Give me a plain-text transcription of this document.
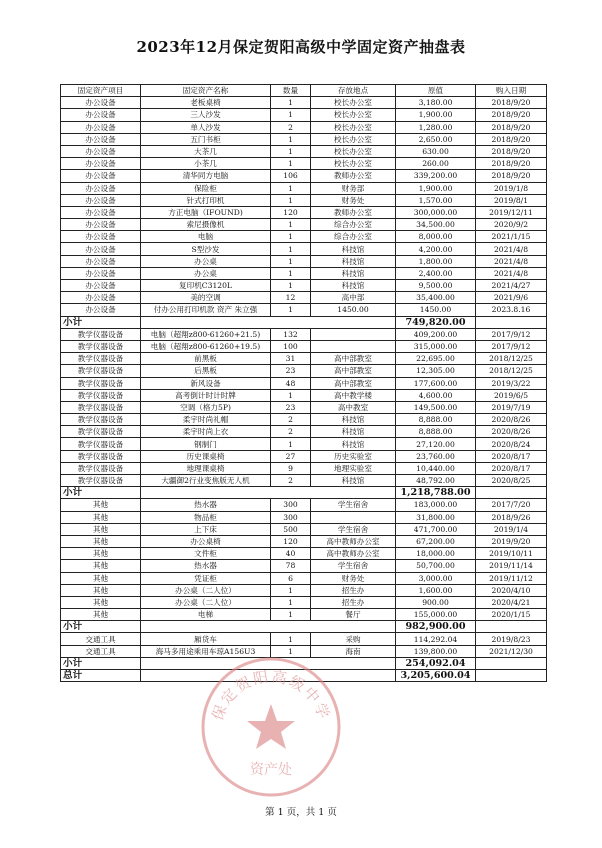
2023年12月保定贺阳高级中学固定资产抽盘表
固定资产项目	固定资产名称	数量	存放地点	原值	购入日期
办公设备	老板桌椅	1	校长办公室	3,180.00	2018/9/20
办公设备	三人沙发	1	校长办公室	1,900.00	2018/9/20
办公设备	单人沙发	2	校长办公室	1,280.00	2018/9/20
办公设备	五门书柜	1	校长办公室	2,650.00	2018/9/20
办公设备	大茶几	1	校长办公室	630.00	2018/9/20
办公设备	小茶几	1	校长办公室	260.00	2018/9/20
办公设备	清华同方电脑	106	教师办公室	339,200.00	2018/9/20
办公设备	保险柜	1	财务部	1,900.00	2019/1/8
办公设备	针式打印机	1	财务处	1,570.00	2019/8/1
办公设备	方正电脑（IFOUND)	120	教师办公室	300,000.00	2019/12/11
办公设备	索尼摄像机	1	综合办公室	34,500.00	2020/9/2
办公设备	电脑	1	综合办公室	8,000.00	2021/1/15
办公设备	S型沙发	1	科技馆	4,200.00	2021/4/8
办公设备	办公桌	1	科技馆	1,800.00	2021/4/8
办公设备	办公桌	1	科技馆	2,400.00	2021/4/8
办公设备	复印机C3120L	1	科技馆	9,500.00	2021/4/27
办公设备	美的空调	12	高中部	35,400.00	2021/9/6
办公设备	付办公用打印机款 资产 朱立强	1	1450.00	1450.00	2023.8.16
小计				749,820.00	
教学仪器设备	电脑（超翔z800-61260+21.5)	132		409,200.00	2017/9/12
教学仪器设备	电脑（超翔z800-61260+19.5)	100		315,000.00	2017/9/12
教学仪器设备	前黑板	31	高中部教室	22,695.00	2018/12/25
教学仪器设备	后黑板	23	高中部教室	12,305.00	2018/12/25
教学仪器设备	新风设备	48	高中部教室	177,600.00	2019/3/22
教学仪器设备	高考倒计时计时牌	1	高中教学楼	4,600.00	2019/6/5
教学仪器设备	空调（格力5P)	23	高中教室	149,500.00	2019/7/19
教学仪器设备	柔宇时尚礼帽	2	科技馆	8,888.00	2020/8/26
教学仪器设备	柔宇时尚上衣	2	科技馆	8,888.00	2020/8/26
教学仪器设备	钢制门	1	科技馆	27,120.00	2020/8/24
教学仪器设备	历史课桌椅	27	历史实验室	23,760.00	2020/8/17
教学仪器设备	地理课桌椅	9	地理实验室	10,440.00	2020/8/17
教学仪器设备	大疆御2行业变焦版无人机	2	科技馆	48,792.00	2020/8/25
小计				1,218,788.00	
其他	热水器	300	学生宿舍	183,000.00	2017/7/20
其他	物品柜	300		31,800.00	2018/9/26
其他	上下床	500	学生宿舍	471,700.00	2019/1/4
其他	办公桌椅	120	高中教师办公室	67,200.00	2019/9/20
其他	文件柜	40	高中教师办公室	18,000.00	2019/10/11
其他	热水器	78	学生宿舍	50,700.00	2019/11/14
其他	凭证柜	6	财务处	3,000.00	2019/11/12
其他	办公桌（二人位）	1	招生办	1,600.00	2020/4/10
其他	办公桌（二人位）	1	招生办	900.00	2020/4/21
其他	电梯	1	餐厅	155,000.00	2020/1/15
小计				982,900.00	
交通工具	厢货车	1	采购	114,292.04	2019/8/23
交通工具	海马多用途乘用车琼A156U3	1	海南	139,800.00	2021/12/30
小计				254,092.04	
总计				3,205,600.04	
保定贺阳高级中学
资产处
第 1 页，共 1 页
